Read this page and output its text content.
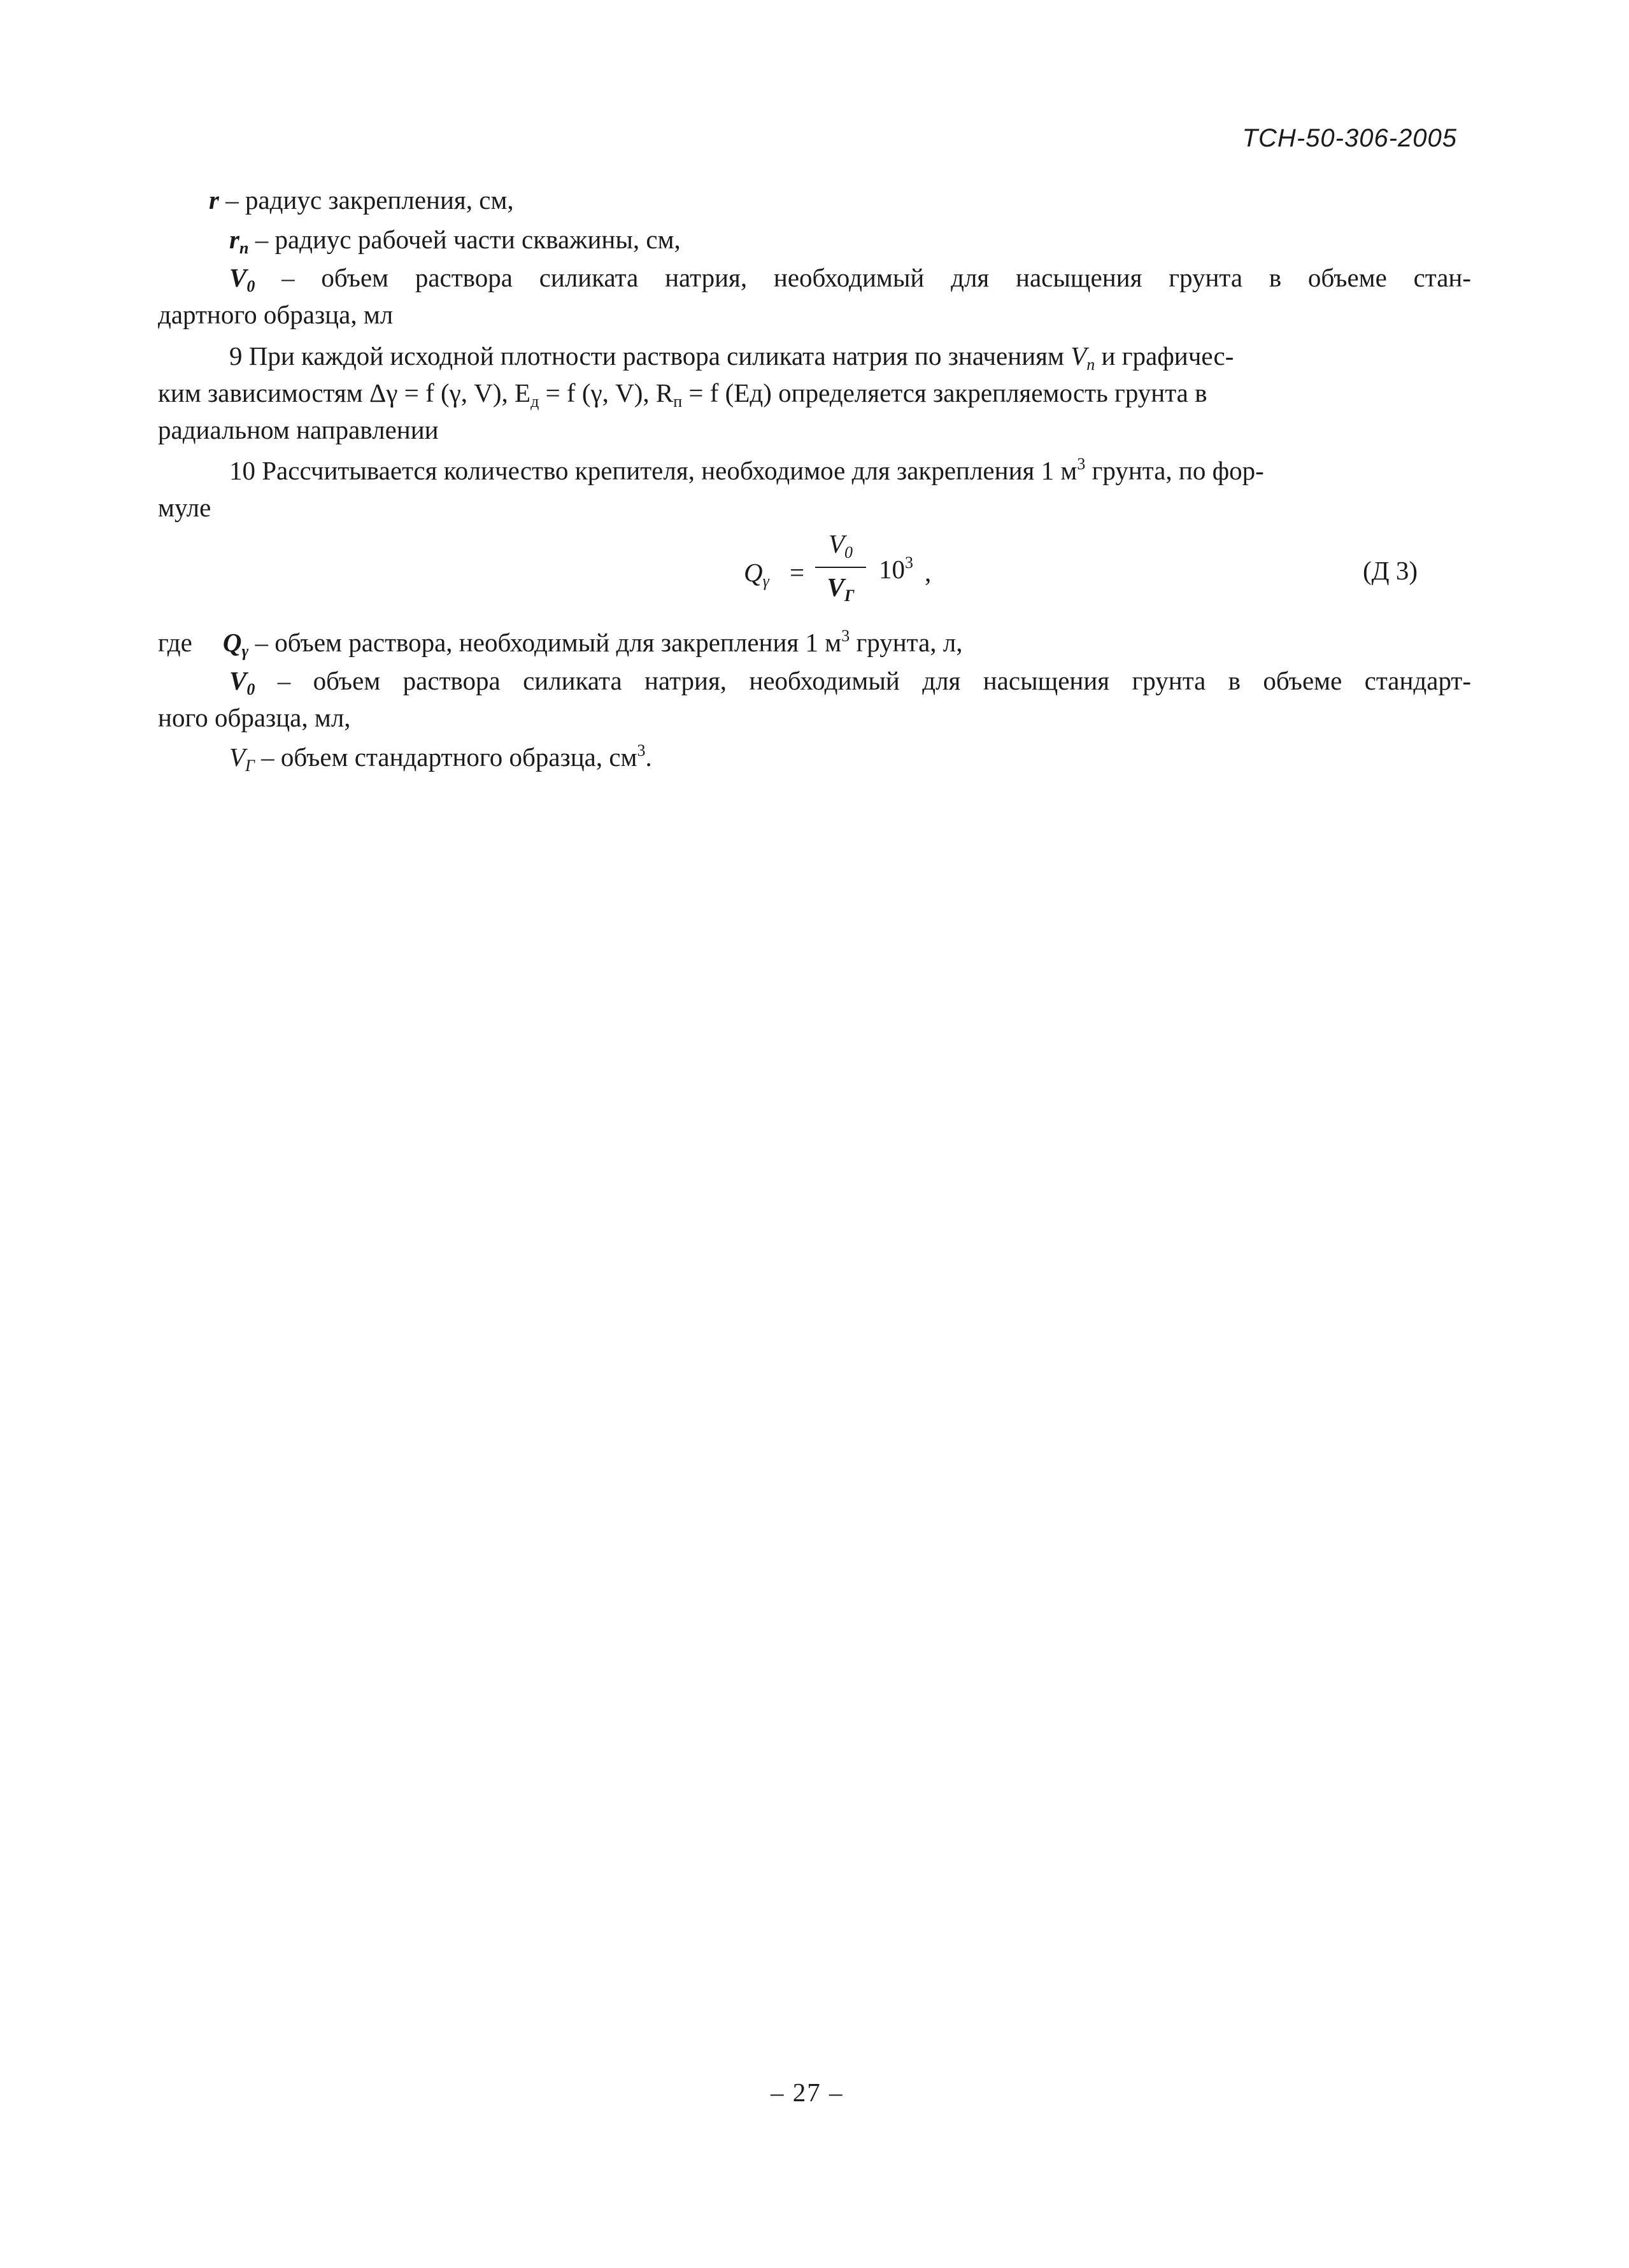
ТСН-50-306-2005
r – радиус закрепления, см,
$r_п$ – радиус рабочей части скважины, см,
$V_0$ – объем раствора силиката натрия, необходимый для насыщения грунта в объеме стан-
дартного образца, мл
9 При каждой исходной плотности раствора силиката натрия по значениям $V_п$ и графичес-
ким зависимостям Δγ = f (γ, V), $E_д = f$ (γ, V), $R_п = f$ (Ед) определяется закрепляемость грунта в
радиальном направлении
10 Рассчитывается количество крепителя, необходимое для закрепления 1 $м^3$ грунта, по фор-
муле
$Q_\gamma$ =
$V_0$
$V_Г$
$10^3$ ,	(Д 3)
где $Q_\gamma$ – объем раствора, необходимый для закрепления 1 $м^3$ грунта, л,
$V_0$ – объем раствора силиката натрия, необходимый для насыщения грунта в объеме стандарт-
ного образца, мл,
$V_Г$ – объем стандартного образца, $см^3$.
– 27 –
